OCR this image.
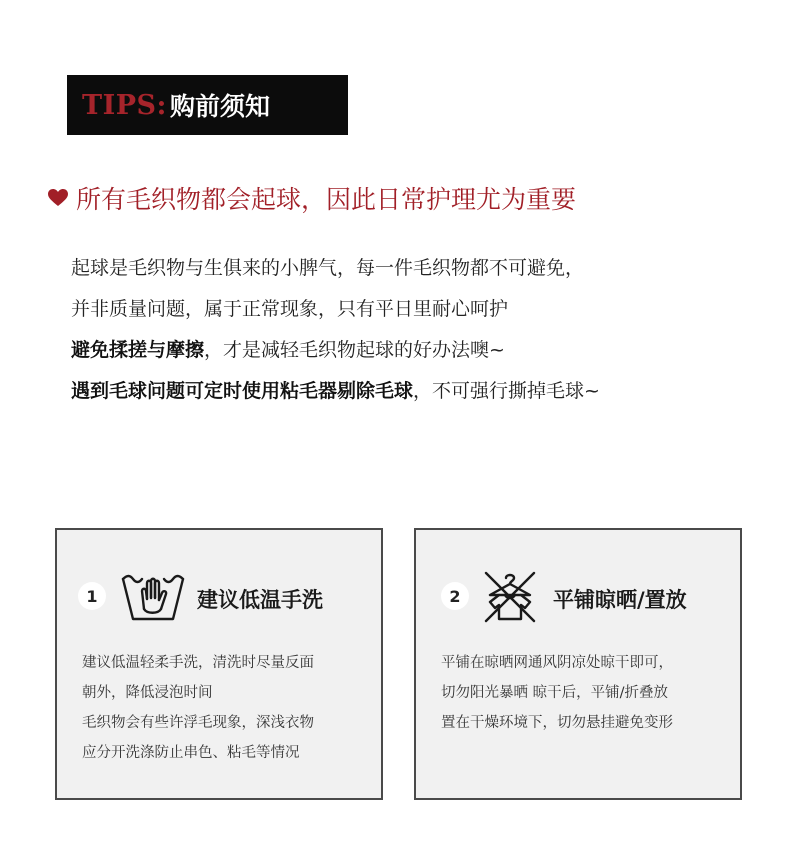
TIPS: 购前须知
所有毛织物都会起球，因此日常护理尤为重要
起球是毛织物与生俱来的小脾气，每一件毛织物都不可避免，
并非质量问题，属于正常现象，只有平日里耐心呵护
避免揉搓与摩擦，才是减轻毛织物起球的好办法噢~
遇到毛球问题可定时使用粘毛器剔除毛球，不可强行撕掉毛球~
1	建议低温手洗
建议低温轻柔手洗，清洗时尽量反面
朝外，降低浸泡时间
毛织物会有些许浮毛现象，深浅衣物
应分开洗涤防止串色、粘毛等情况
2	平铺晾晒/置放
平铺在晾晒网通风阴凉处晾干即可，
切勿阳光暴晒 晾干后，平铺/折叠放
置在干燥环境下，切勿悬挂避免变形
